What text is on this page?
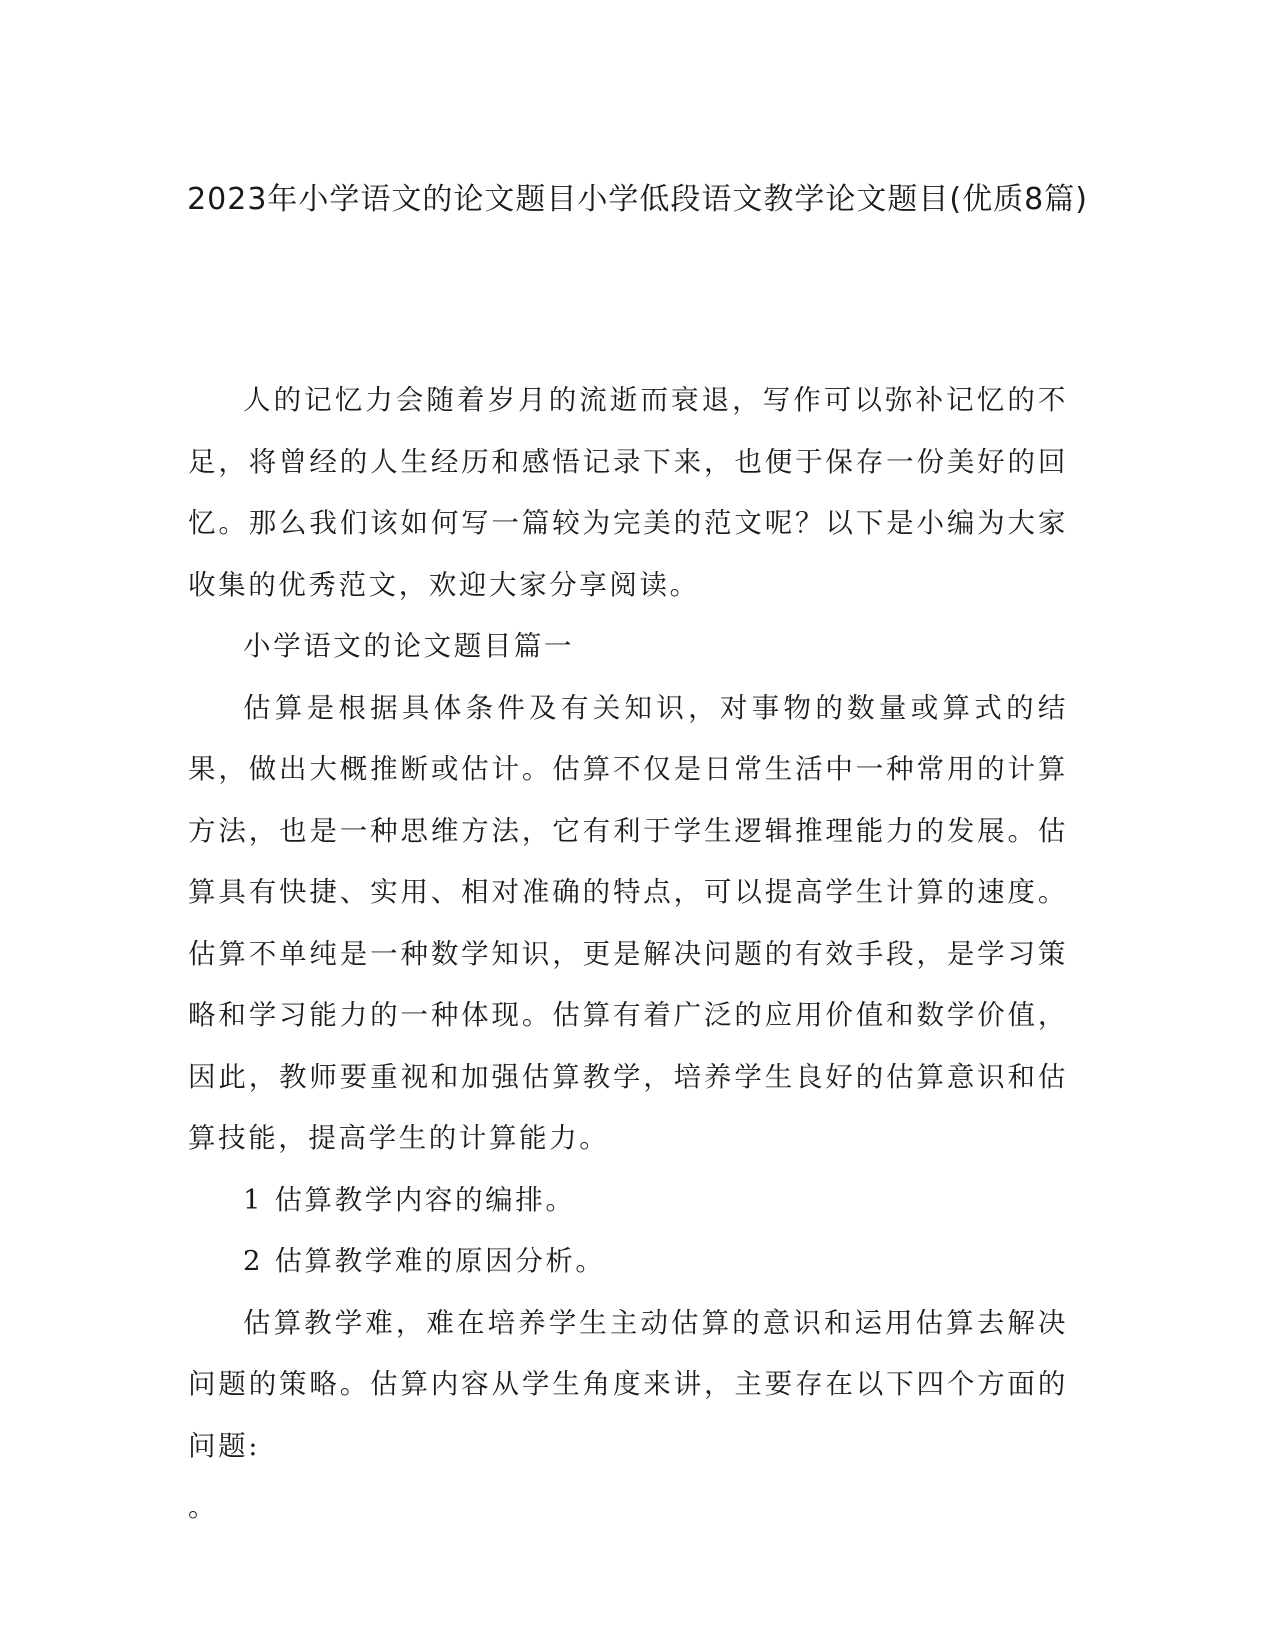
2023年小学语文的论文题目小学低段语文教学论文题目(优质8篇)

人的记忆力会随着岁月的流逝而衰退，写作可以弥补记忆的不足，将曾经的人生经历和感悟记录下来，也便于保存一份美好的回忆。那么我们该如何写一篇较为完美的范文呢？以下是小编为大家收集的优秀范文，欢迎大家分享阅读。

小学语文的论文题目篇一

估算是根据具体条件及有关知识，对事物的数量或算式的结果，做出大概推断或估计。估算不仅是日常生活中一种常用的计算方法，也是一种思维方法，它有利于学生逻辑推理能力的发展。估算具有快捷、实用、相对准确的特点，可以提高学生计算的速度。估算不单纯是一种数学知识，更是解决问题的有效手段，是学习策略和学习能力的一种体现。估算有着广泛的应用价值和数学价值，因此，教师要重视和加强估算教学，培养学生良好的估算意识和估算技能，提高学生的计算能力。

1 估算教学内容的编排。

2 估算教学难的原因分析。

估算教学难，难在培养学生主动估算的意识和运用估算去解决问题的策略。估算内容从学生角度来讲，主要存在以下四个方面的问题:

。
